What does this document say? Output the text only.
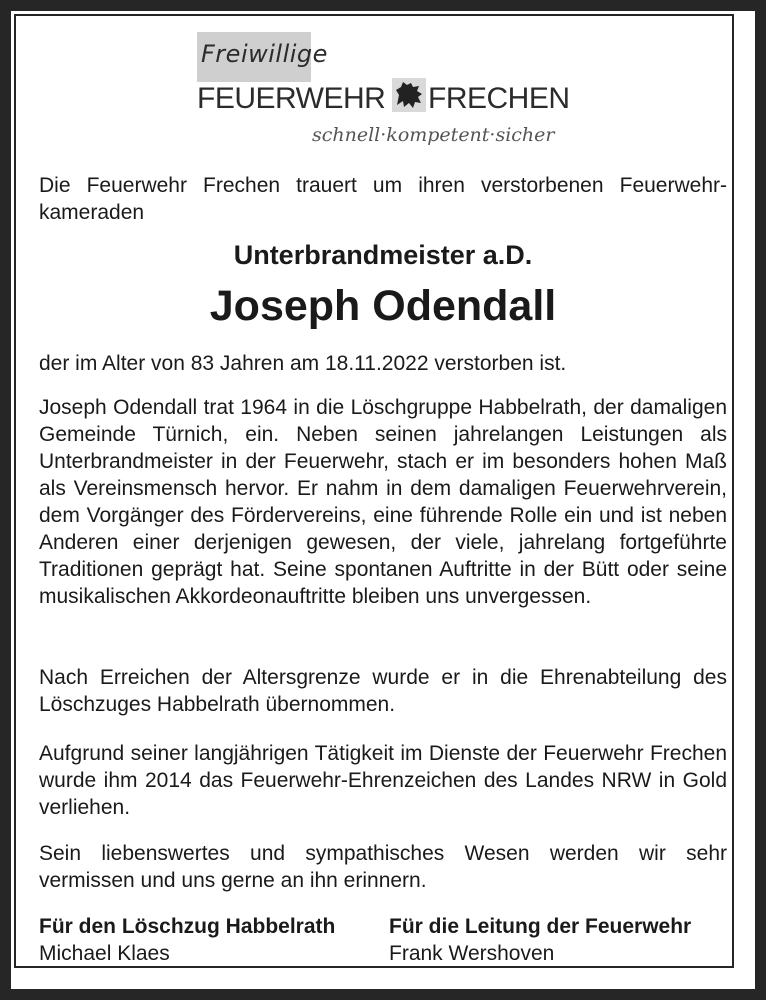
Freiwillige
FEUERWEHR FRECHEN
schnell·kompetent·sicher

Die Feuerwehr Frechen trauert um ihren verstorbenen Feuerwehrkameraden

Unterbrandmeister a.D.
Joseph Odendall

der im Alter von 83 Jahren am 18.11.2022 verstorben ist.

Joseph Odendall trat 1964 in die Löschgruppe Habbelrath, der damaligen Gemeinde Türnich, ein. Neben seinen jahrelangen Leistungen als Unterbrandmeister in der Feuerwehr, stach er im besonders hohen Maß als Vereinsmensch hervor. Er nahm in dem damaligen Feuerwehrverein, dem Vorgänger des Fördervereins, eine führende Rolle ein und ist neben Anderen einer derjenigen gewesen, der viele, jahrelang fortgeführte Traditionen geprägt hat. Seine spontanen Auftritte in der Bütt oder seine musikalischen Akkordeonauftritte bleiben uns unvergessen.

Nach Erreichen der Altersgrenze wurde er in die Ehrenabteilung des Löschzuges Habbelrath übernommen.

Aufgrund seiner langjährigen Tätigkeit im Dienste der Feuerwehr Frechen wurde ihm 2014 das Feuerwehr-Ehrenzeichen des Landes NRW in Gold verliehen.

Sein liebenswertes und sympathisches Wesen werden wir sehr vermissen und uns gerne an ihn erinnern.

Für den Löschzug Habbelrath
Michael Klaes
Für die Leitung der Feuerwehr
Frank Wershoven
